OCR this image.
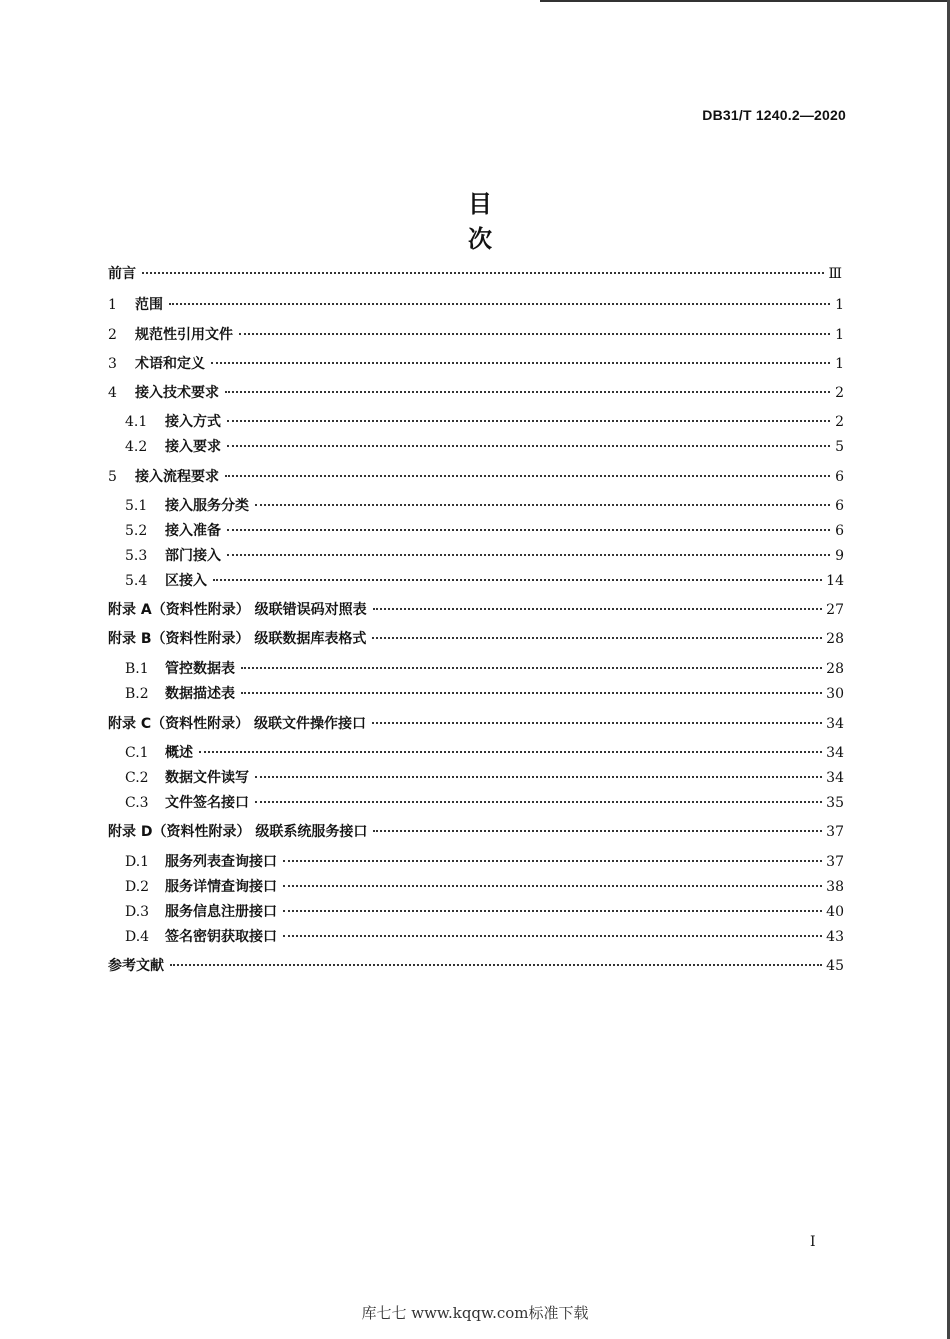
DB31/T 1240.2—2020
目 次
前言	Ⅲ
1 范围	1
2 规范性引用文件	1
3 术语和定义	1
4 接入技术要求	2
4.1 接入方式	2
4.2 接入要求	5
5 接入流程要求	6
5.1 接入服务分类	6
5.2 接入准备	6
5.3 部门接入	9
5.4 区接入	14
附录 A（资料性附录） 级联错误码对照表	27
附录 B（资料性附录） 级联数据库表格式	28
B.1 管控数据表	28
B.2 数据描述表	30
附录 C（资料性附录） 级联文件操作接口	34
C.1 概述	34
C.2 数据文件读写	34
C.3 文件签名接口	35
附录 D（资料性附录） 级联系统服务接口	37
D.1 服务列表查询接口	37
D.2 服务详情查询接口	38
D.3 服务信息注册接口	40
D.4 签名密钥获取接口	43
参考文献	45
I
库七七 www.kqqw.com标准下载
